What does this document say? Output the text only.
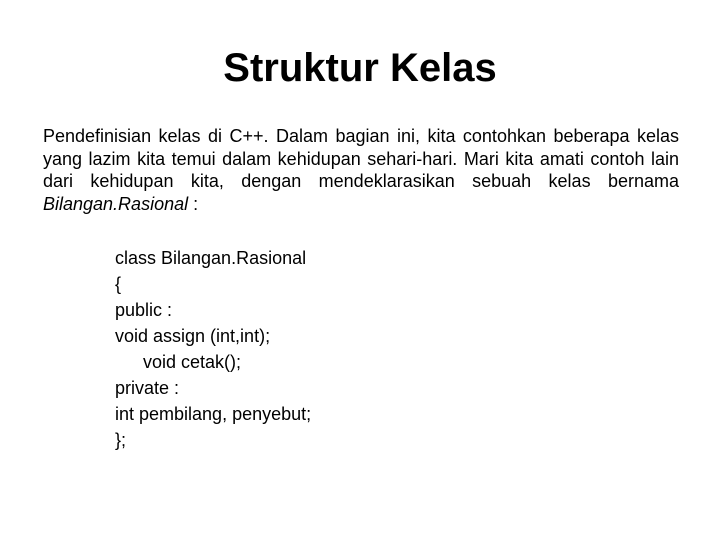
Struktur Kelas
Pendefinisian kelas di C++. Dalam bagian ini, kita contohkan beberapa kelas yang lazim kita temui dalam kehidupan sehari-hari. Mari kita amati contoh lain dari kehidupan kita, dengan mendeklarasikan sebuah kelas bernama Bilangan.Rasional :
class Bilangan.Rasional
{
public :
void assign (int,int);
void cetak();
private :
int pembilang, penyebut;
};
